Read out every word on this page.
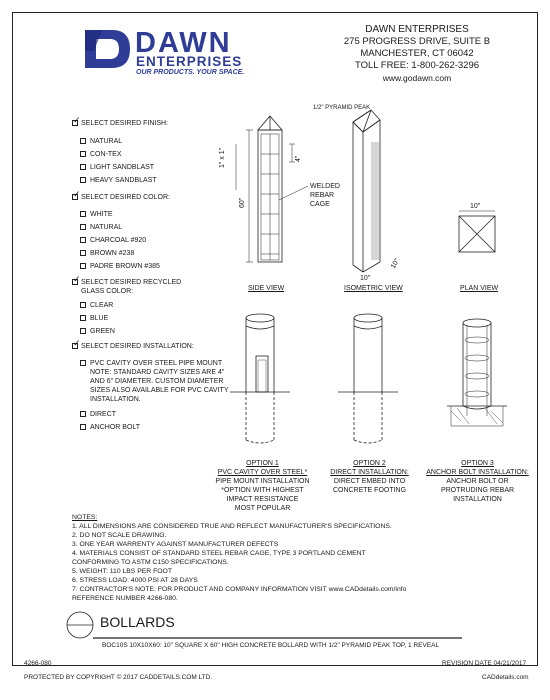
DAWN
ENTERPRISES
OUR PRODUCTS. YOUR SPACE.
DAWN ENTERPRISES
275 PROGRESS DRIVE, SUITE B
MANCHESTER, CT 06042
TOLL FREE: 1-800-262-3296
www.godawn.com
✓
SELECT DESIRED FINISH:
NATURAL
CON-TEX
LIGHT SANDBLAST
HEAVY SANDBLAST
✓
SELECT DESIRED COLOR:
WHITE
NATURAL
CHARCOAL #920
BROWN #238
PADRE BROWN #385
✓
SELECT DESIRED RECYCLED
GLASS COLOR:
CLEAR
BLUE
GREEN
✓
SELECT DESIRED INSTALLATION:
PVC CAVITY OVER STEEL PIPE MOUNT
NOTE: STANDARD CAVITY SIZES ARE 4"
AND 6" DIAMETER. CUSTOM DIAMETER
SIZES ALSO AVAILABLE FOR PVC CAVITY
INSTALLATION.
DIRECT
ANCHOR BOLT
1" x 1"
60"
4"
WELDED
REBAR
CAGE
SIDE VIEW
1/2" PYRAMID PEAK
10"
10"
ISOMETRIC VIEW
10"
PLAN VIEW
OPTION 1
PVC CAVITY OVER STEEL*
PIPE MOUNT INSTALLATION
*OPTION WITH HIGHEST
IMPACT RESISTANCE
MOST POPULAR
OPTION 2
DIRECT INSTALLATION:
DIRECT EMBED INTO
CONCRETE FOOTING
OPTION 3
ANCHOR BOLT INSTALLATION:
ANCHOR BOLT OR
PROTRUDING REBAR
INSTALLATION
NOTES:
1. ALL DIMENSIONS ARE CONSIDERED TRUE AND REFLECT MANUFACTURER'S SPECIFICATIONS.
2. DO NOT SCALE DRAWING.
3. ONE YEAR WARRENTY AGAINST MANUFACTURER DEFECTS
4. MATERIALS CONSIST OF STANDARD STEEL REBAR CAGE, TYPE 3 PORTLAND CEMENT
CONFORMING TO ASTM C150 SPECIFICATIONS.
5. WEIGHT: 110 LBS PER FOOT
6. STRESS LOAD: 4000 PSI AT 28 DAYS
7. CONTRACTOR'S NOTE: FOR PRODUCT AND COMPANY INFORMATION VISIT www.CADdetails.com/info
REFERENCE NUMBER 4266-080.
BOLLARDS
BOC10S 10X10X60: 10" SQUARE X 60" HIGH CONCRETE BOLLARD WITH 1/2" PYRAMID PEAK TOP, 1 REVEAL
4266-080	REVISION DATE 04/21/2017
PROTECTED BY COPYRIGHT © 2017 CADDETAILS.COM LTD.	CADdetails.com
